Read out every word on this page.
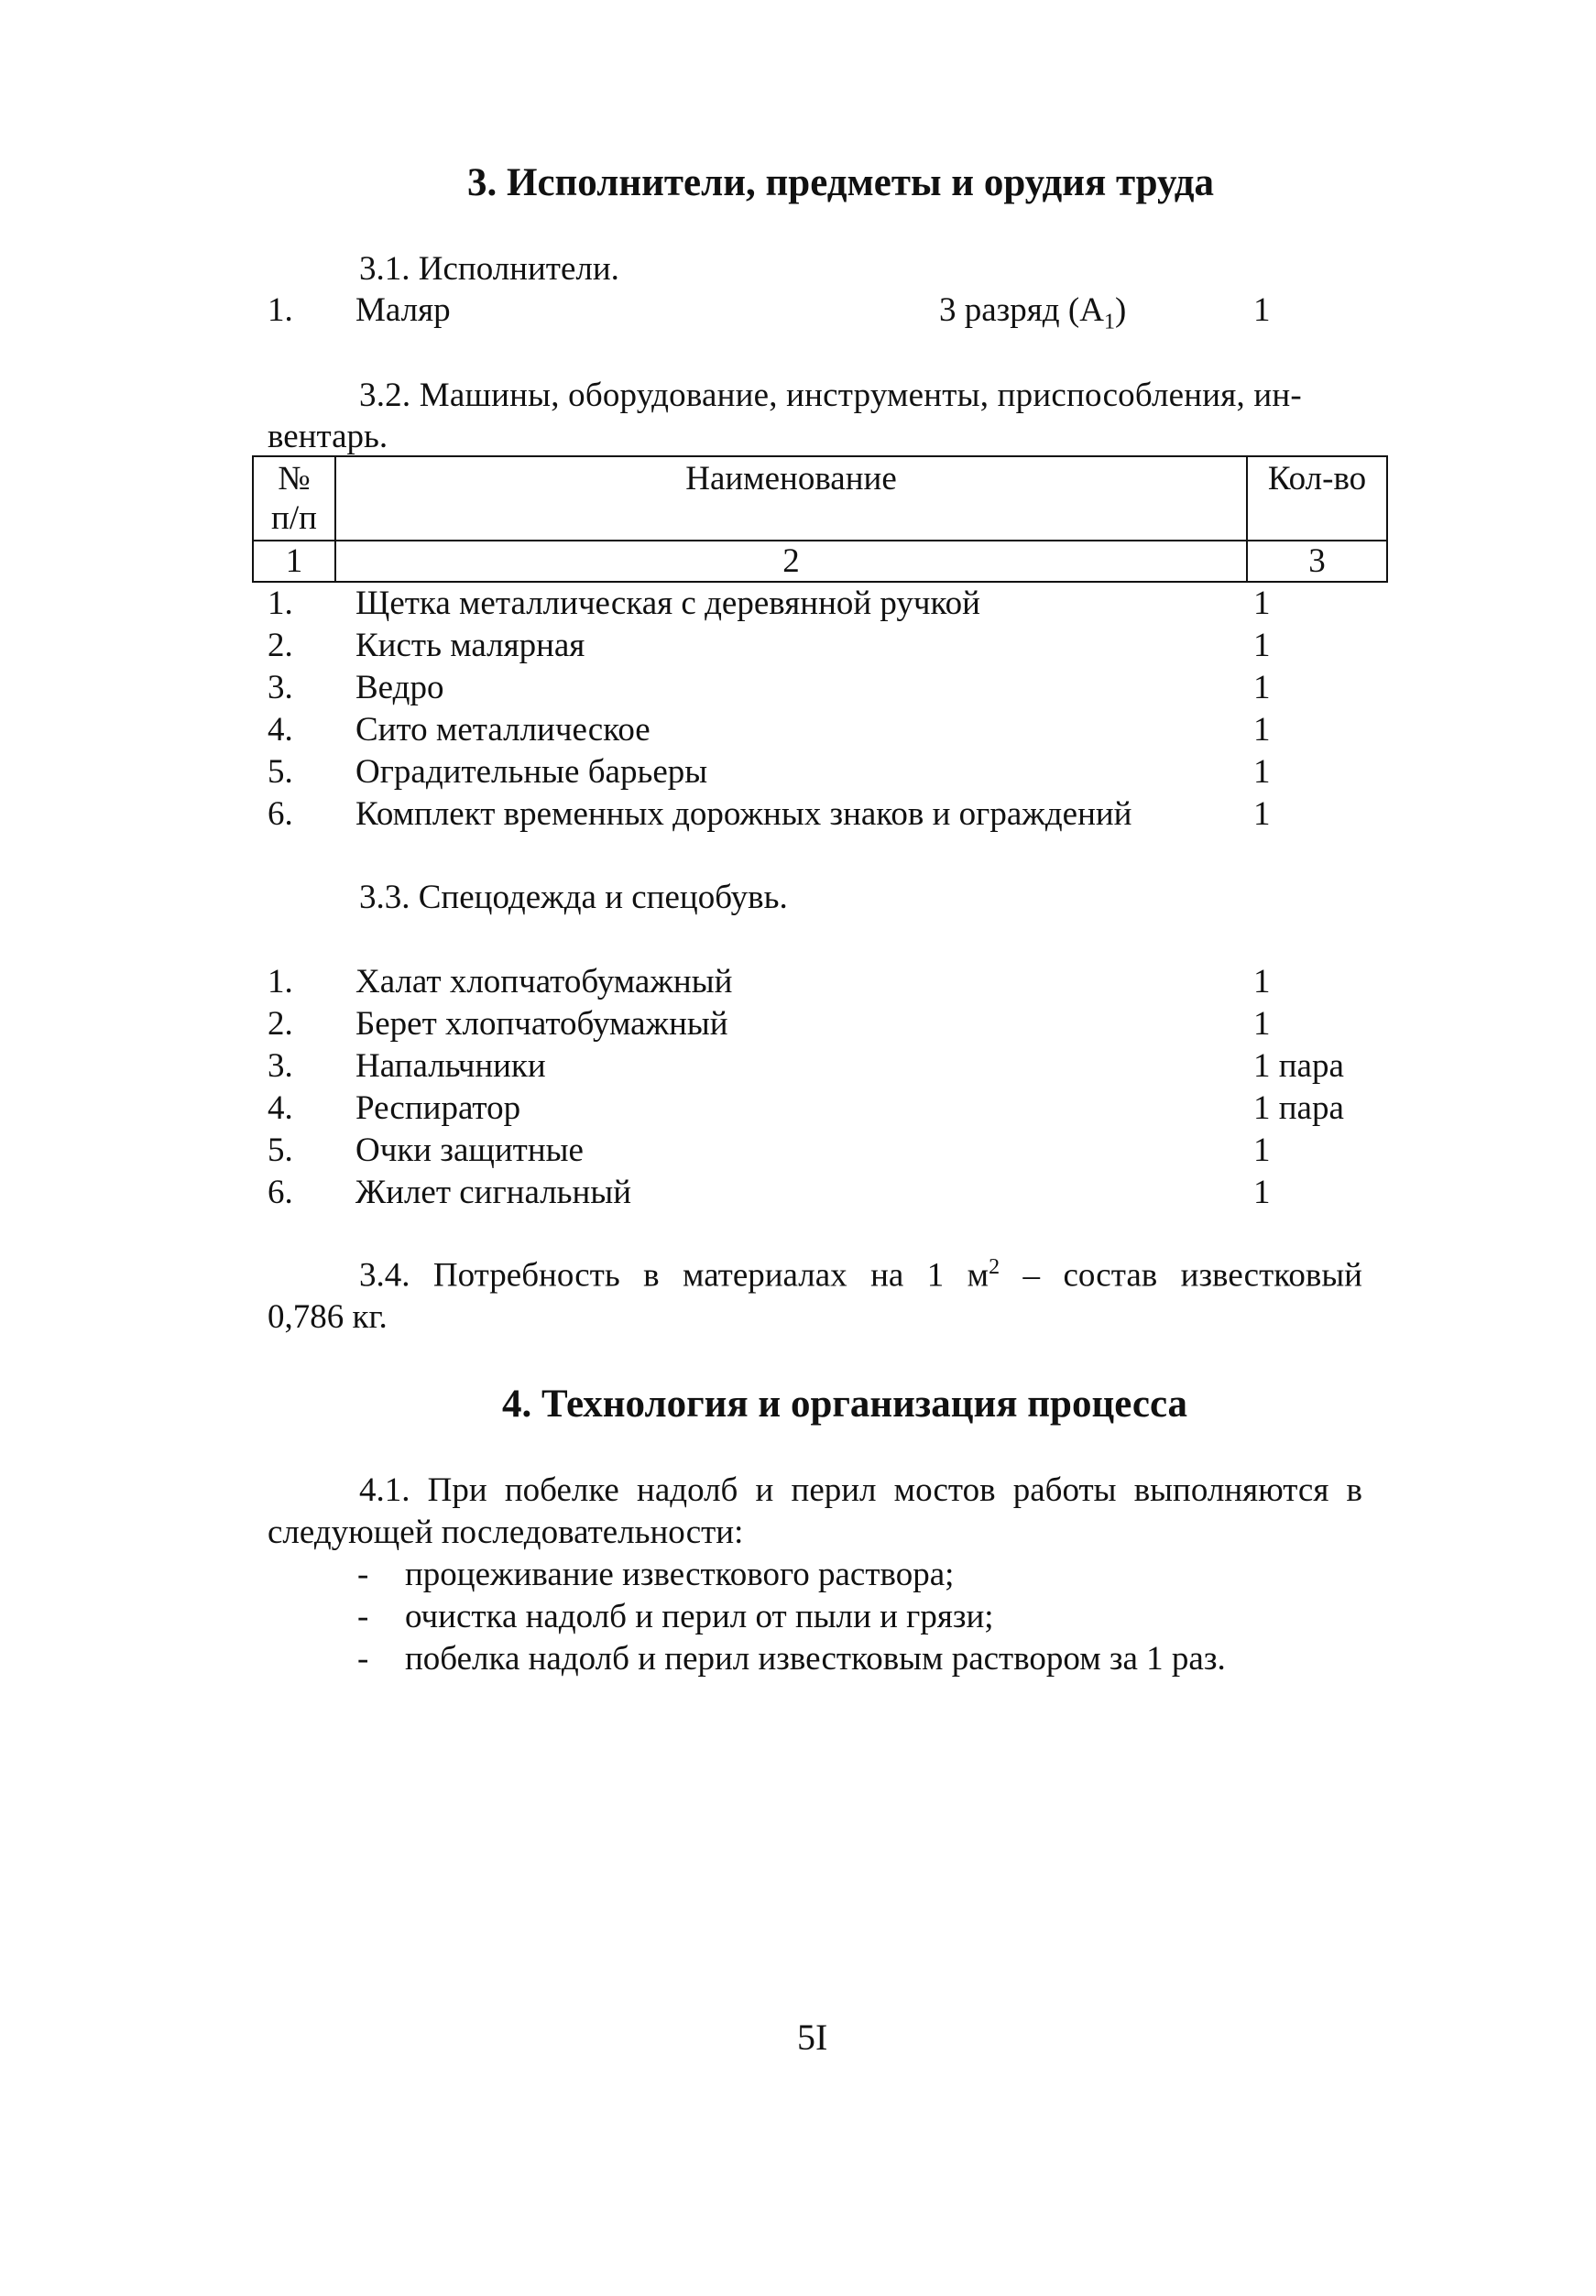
3. Исполнители, предметы и орудия труда
3.1. Исполнители.
1. Маляр	3 разряд $(А_1)$	1
3.2. Машины, оборудование, инструменты, приспособления, ин-
вентарь.
№
п/п	Наименование	Кол-во
1	2	3
1. Щетка металлическая с деревянной ручкой	1
2. Кисть малярная	1
3. Ведро	1
4. Сито металлическое	1
5. Оградительные барьеры	1
6. Комплект временных дорожных знаков и ограждений	1
3.3. Спецодежда и спецобувь.
1. Халат хлопчатобумажный	1
2. Берет хлопчатобумажный	1
3. Напальчники	1 пара
4. Респиратор	1 пара
5. Очки защитные	1
6. Жилет сигнальный	1
3.4. Потребность в материалах на 1 $м^2$ – состав известковый
0,786 кг.
4. Технология и организация процесса
4.1. При побелке надолб и перил мостов работы выполняются в
следующей последовательности:
- процеживание известкового раствора;
- очистка надолб и перил от пыли и грязи;
- побелка надолб и перил известковым раствором за 1 раз.
5I
